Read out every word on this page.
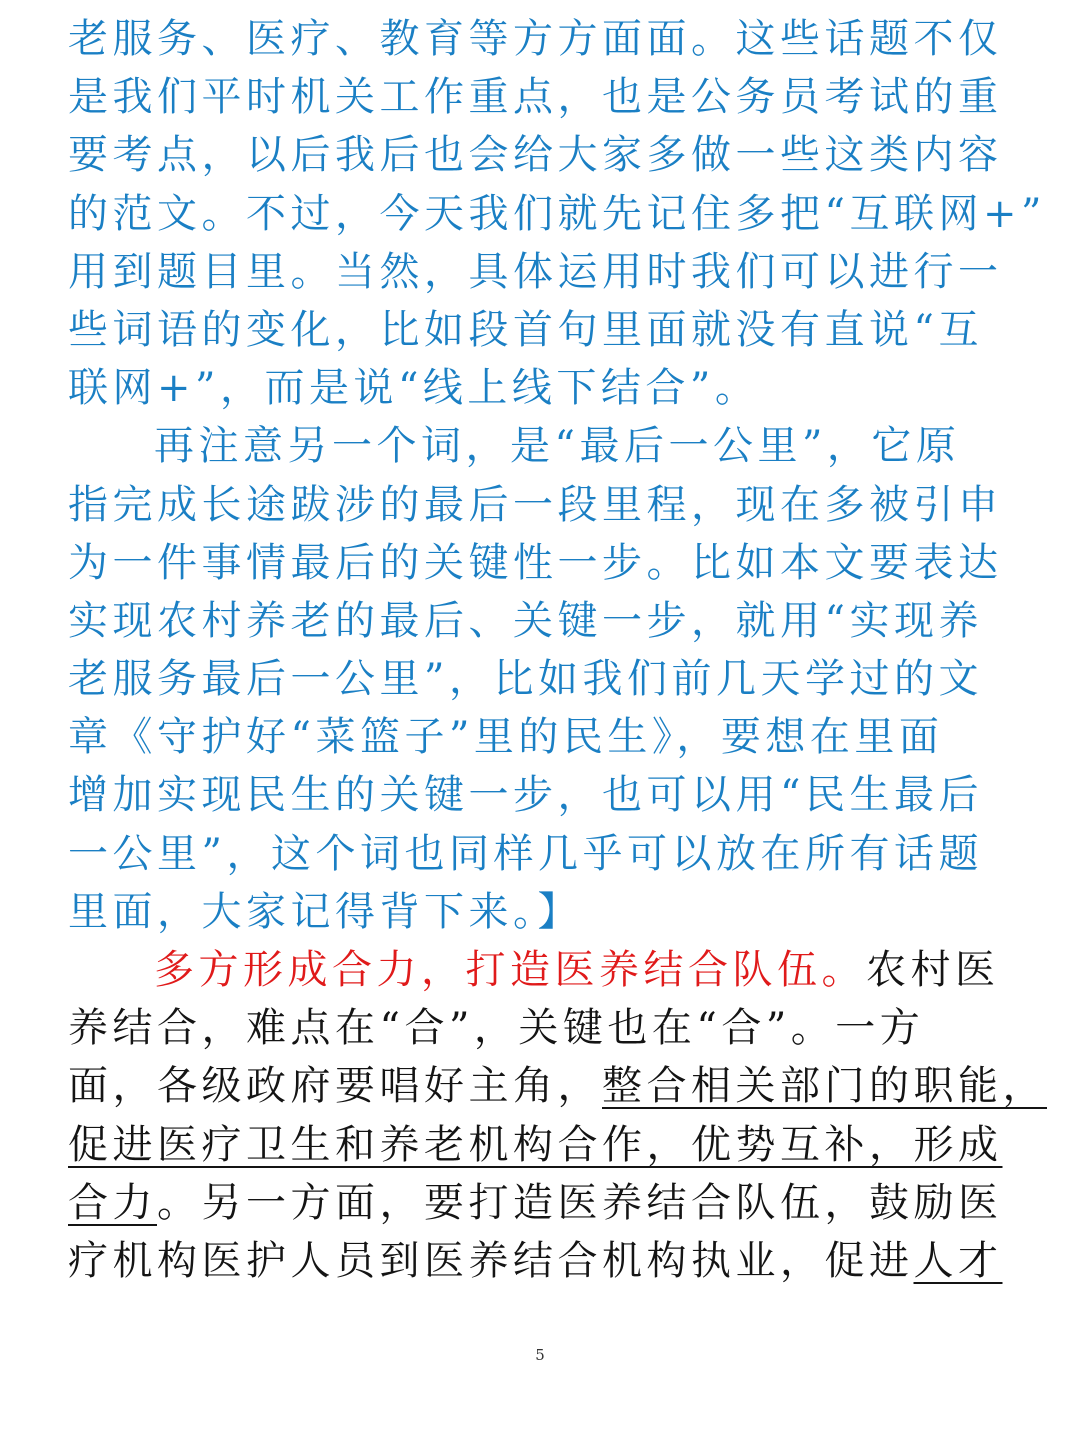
老服务、医疗、教育等方方面面。这些话题不仅
是我们平时机关工作重点，也是公务员考试的重
要考点，以后我后也会给大家多做一些这类内容
的范文。不过，今天我们就先记住多把“互联网+”
用到题目里。当然，具体运用时我们可以进行一
些词语的变化，比如段首句里面就没有直说“互
联网+”，而是说“线上线下结合”。
再注意另一个词，是“最后一公里”，它原
指完成长途跋涉的最后一段里程，现在多被引申
为一件事情最后的关键性一步。比如本文要表达
实现农村养老的最后、关键一步，就用“实现养
老服务最后一公里”，比如我们前几天学过的文
章《守护好“菜篮子”里的民生》，要想在里面
增加实现民生的关键一步，也可以用“民生最后
一公里”，这个词也同样几乎可以放在所有话题
里面，大家记得背下来。】
多方形成合力，打造医养结合队伍。农村医
养结合，难点在“合”，关键也在“合”。一方
面，各级政府要唱好主角，整合相关部门的职能，
促进医疗卫生和养老机构合作，优势互补，形成
合力。另一方面，要打造医养结合队伍，鼓励医
疗机构医护人员到医养结合机构执业，促进人才
5
